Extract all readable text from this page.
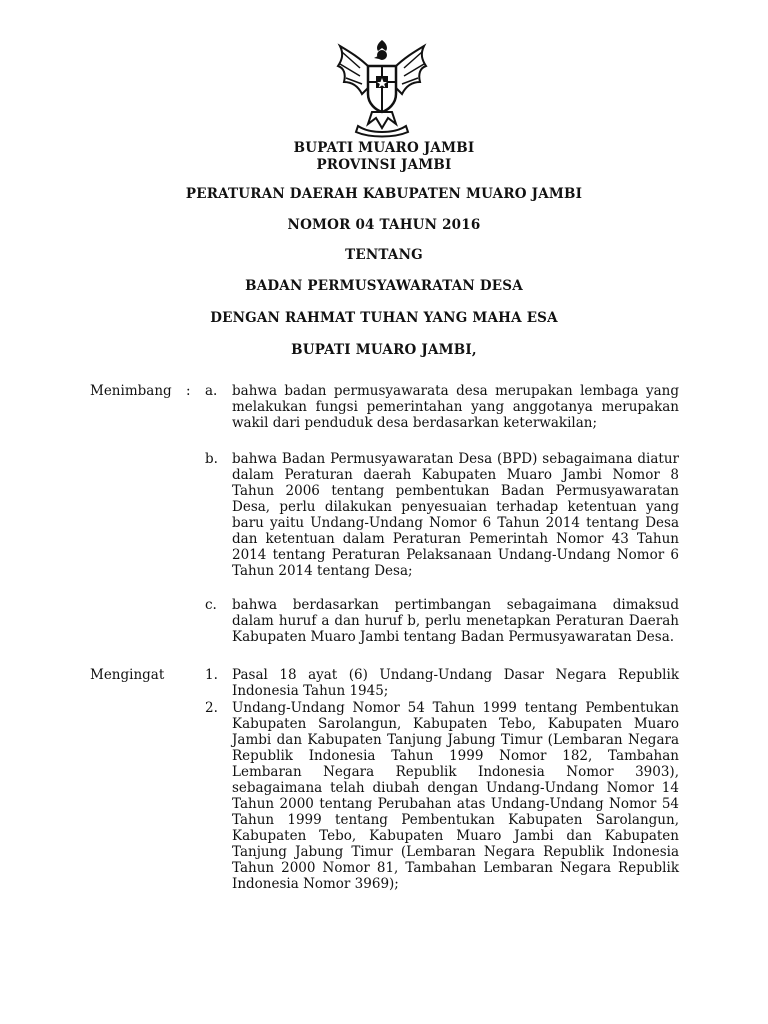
BUPATI MUARO JAMBI
PROVINSI JAMBI
PERATURAN DAERAH KABUPATEN MUARO JAMBI
NOMOR 04 TAHUN 2016
TENTANG
BADAN PERMUSYAWARATAN DESA
DENGAN RAHMAT TUHAN YANG MAHA ESA
BUPATI MUARO JAMBI,
Menimbang : a.	bahwa badan permusyawarata desa merupakan lembaga yang melakukan fungsi pemerintahan yang anggotanya merupakan wakil dari penduduk desa berdasarkan keterwakilan;
b.	bahwa Badan Permusyawaratan Desa (BPD) sebagaimana diatur dalam Peraturan daerah Kabupaten Muaro Jambi Nomor 8 Tahun 2006 tentang pembentukan Badan Permusyawaratan Desa, perlu dilakukan penyesuaian terhadap ketentuan yang baru yaitu Undang-Undang Nomor 6 Tahun 2014 tentang Desa dan ketentuan dalam Peraturan Pemerintah Nomor 43 Tahun 2014 tentang Peraturan Pelaksanaan Undang-Undang Nomor 6 Tahun 2014 tentang Desa;
c.	bahwa berdasarkan pertimbangan sebagaimana dimaksud dalam huruf a dan huruf b, perlu menetapkan Peraturan Daerah Kabupaten Muaro Jambi tentang Badan Permusyawaratan Desa.
Mengingat	1.	Pasal 18 ayat (6) Undang-Undang Dasar Negara Republik Indonesia Tahun 1945;
2.	Undang-Undang Nomor 54 Tahun 1999 tentang Pembentukan Kabupaten Sarolangun, Kabupaten Tebo, Kabupaten Muaro Jambi dan Kabupaten Tanjung Jabung Timur (Lembaran Negara Republik Indonesia Tahun 1999 Nomor 182, Tambahan Lembaran Negara Republik Indonesia Nomor 3903), sebagaimana telah diubah dengan Undang-Undang Nomor 14 Tahun 2000 tentang Perubahan atas Undang-Undang Nomor 54 Tahun 1999 tentang Pembentukan Kabupaten Sarolangun, Kabupaten Tebo, Kabupaten Muaro Jambi dan Kabupaten Tanjung Jabung Timur (Lembaran Negara Republik Indonesia Tahun 2000 Nomor 81, Tambahan Lembaran Negara Republik Indonesia Nomor 3969);
